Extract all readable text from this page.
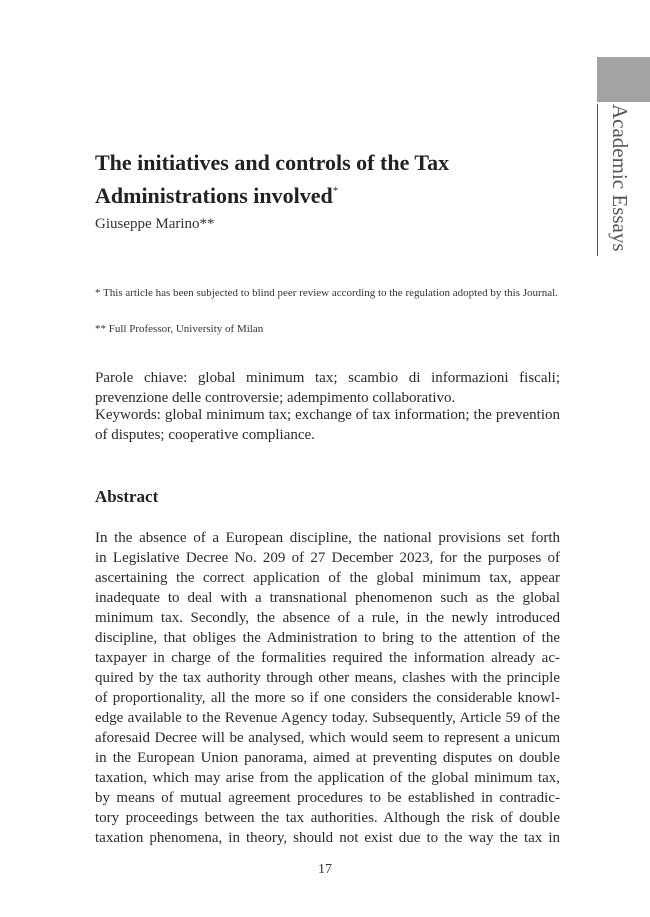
Academic Essays
The initiatives and controls of the Tax Administrations involved*
Giuseppe Marino**

* This article has been subjected to blind peer review according to the regulation adopted by this Journal.

** Full Professor, University of Milan

Parole chiave: global minimum tax; scambio di informazioni fiscali; prevenzione delle controversie; adempimento collaborativo.

Keywords: global minimum tax; exchange of tax information; the prevention of disputes; cooperative compliance.

Abstract
In the absence of a European discipline, the national provisions set forth
in Legislative Decree No. 209 of 27 December 2023, for the purposes of
ascertaining the correct application of the global minimum tax, appear
inadequate to deal with a transnational phenomenon such as the global
minimum tax. Secondly, the absence of a rule, in the newly introduced
discipline, that obliges the Administration to bring to the attention of the
taxpayer in charge of the formalities required the information already ac-
quired by the tax authority through other means, clashes with the principle
of proportionality, all the more so if one considers the considerable knowl-
edge available to the Revenue Agency today. Subsequently, Article 59 of the
aforesaid Decree will be analysed, which would seem to represent a unicum
in the European Union panorama, aimed at preventing disputes on double
taxation, which may arise from the application of the global minimum tax,
by means of mutual agreement procedures to be established in contradic-
tory proceedings between the tax authorities. Although the risk of double
taxation phenomena, in theory, should not exist due to the way the tax in
17
